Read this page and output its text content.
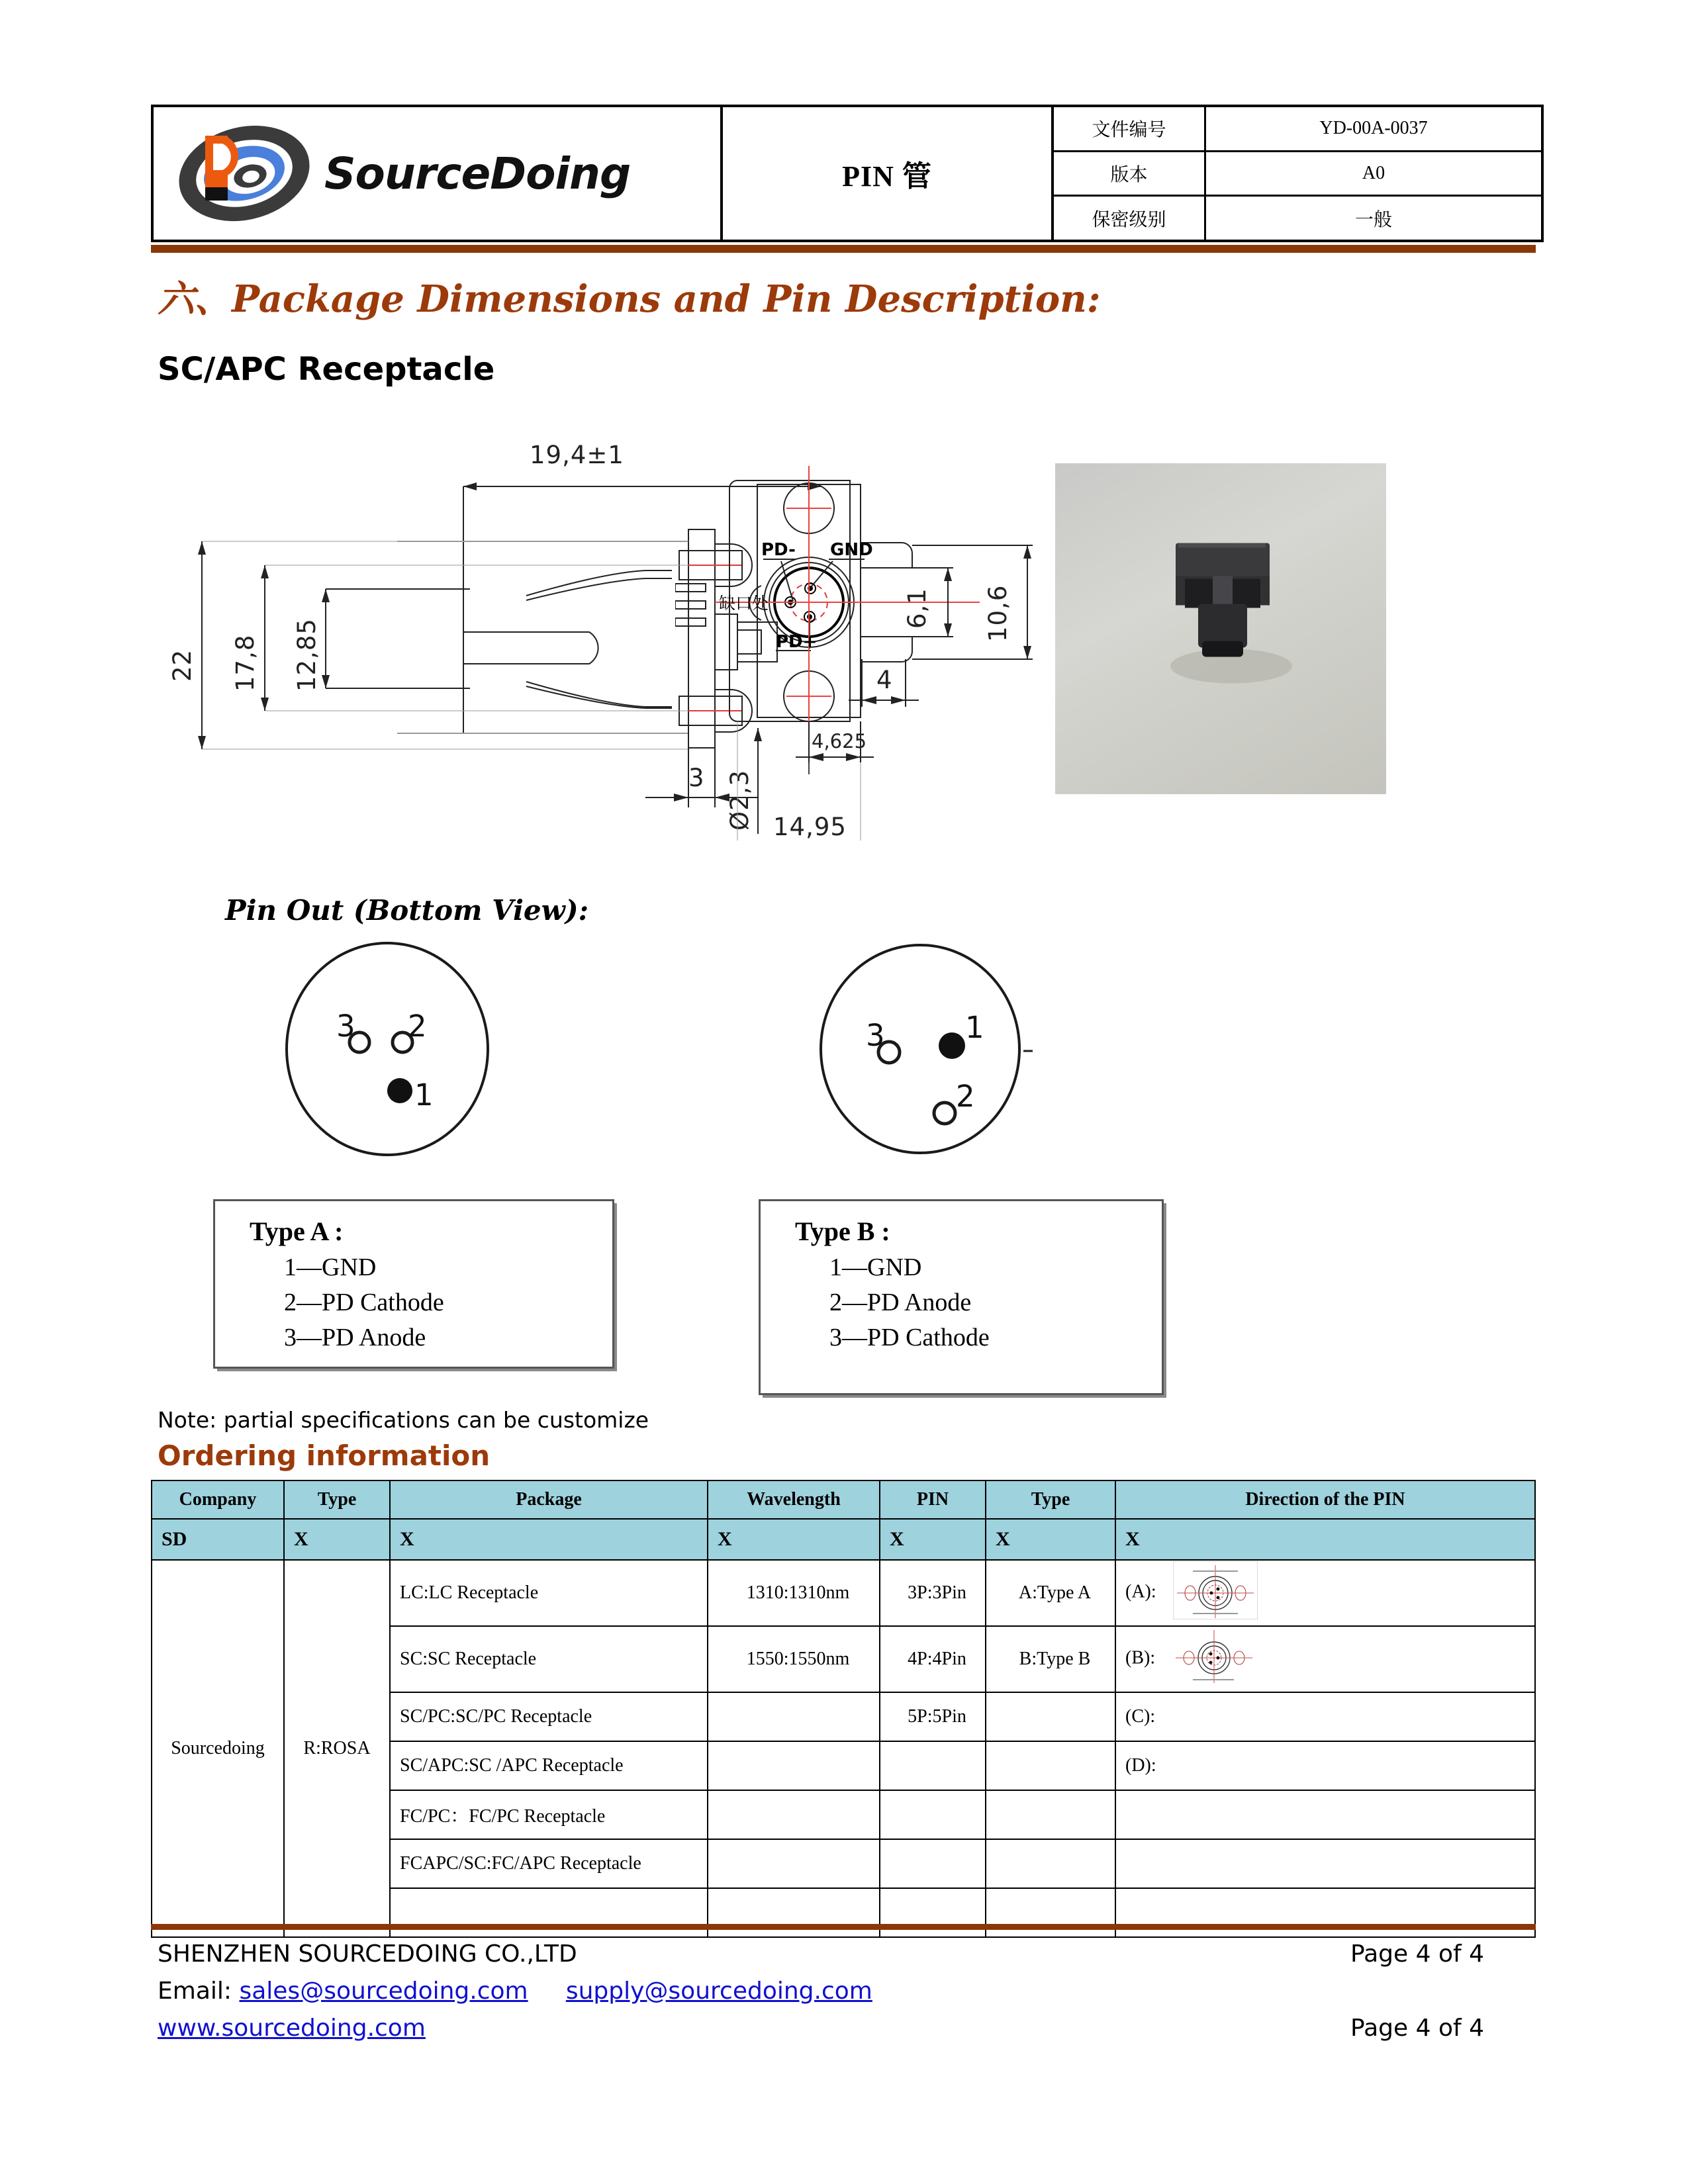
SourceDoing	PIN 管
文件编号	YD-00A-0037
版本	A0
保密级别	一般
六、Package Dimensions and Pin Description:
SC/APC Receptacle
19,4±1
22 17,8 12,85
3 Ø2,3
PD- GND
PD+
缺口处	6,1 10,6
4
4,625
14,95
Pin Out (Bottom View):
3 2
1
3	1
2
Type A :
1—GND
2—PD Cathode
3—PD Anode
Type B :
1—GND
2—PD Anode
3—PD Cathode
Note: partial specifications can be customize
Ordering information
Company	Type	Package	Wavelength	PIN	Type	Direction of the PIN
SD	X	X	X	X	X	X
Sourcedoing	R:ROSA	LC:LC Receptacle	1310:1310nm	3P:3Pin	A:Type A	(A):
		SC:SC Receptacle	1550:1550nm	4P:4Pin	B:Type B	(B):
		SC/PC:SC/PC Receptacle		5P:5Pin		(C):
		SC/APC:SC /APC Receptacle				(D):
		FC/PC：FC/PC Receptacle				
		FCAPC/SC:FC/APC Receptacle				

SHENZHEN SOURCEDOING CO.,LTD
Email: sales@sourcedoing.com supply@sourcedoing.com
www.sourcedoing.com
Page 4 of 4
Page 4 of 4
